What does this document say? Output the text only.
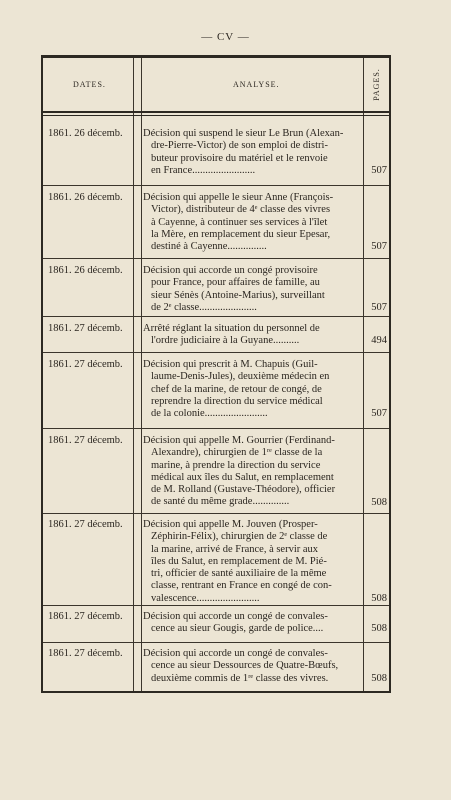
— CV —
DATES.	ANALYSE.	PAGES.
1861. 26 décemb. Décision qui suspend le sieur Le Brun (Alexan-
dre-Pierre-Victor) de son emploi de distri-
buteur provisoire du matériel et le renvoie
en France........................	507
1861. 26 décemb. Décision qui appelle le sieur Anne (François-
Victor), distributeur de 4ᵉ classe des vivres
à Cayenne, à continuer ses services à l'îlet
la Mère, en remplacement du sieur Epesar,
destiné à Cayenne...............	507
1861. 26 décemb. Décision qui accorde un congé provisoire
pour France, pour affaires de famille, au
sieur Sénès (Antoine-Marius), surveillant
de 2ᵉ classe......................	507
1861. 27 décemb. Arrêté réglant la situation du personnel de
l'ordre judiciaire à la Guyane..........	494
1861. 27 décemb. Décision qui prescrit à M. Chapuis (Guil-
laume-Denis-Jules), deuxième médecin en
chef de la marine, de retour de congé, de
reprendre la direction du service médical
de la colonie........................	507
1861. 27 décemb. Décision qui appelle M. Gourrier (Ferdinand-
Alexandre), chirurgien de 1ʳᵉ classe de la
marine, à prendre la direction du service
médical aux îles du Salut, en remplacement
de M. Rolland (Gustave-Théodore), officier
de santé du même grade..............	508
1861. 27 décemb. Décision qui appelle M. Jouven (Prosper-
Zéphirin-Félix), chirurgien de 2ᵉ classe de
la marine, arrivé de France, à servir aux
îles du Salut, en remplacement de M. Pié-
tri, officier de santé auxiliaire de la même
classe, rentrant en France en congé de con-
valescence........................	508
1861. 27 décemb. Décision qui accorde un congé de convales-
cence au sieur Gougis, garde de police....	508
1861. 27 décemb. Décision qui accorde un congé de convales-
cence au sieur Dessources de Quatre-Bœufs,
deuxième commis de 1ʳᵉ classe des vivres.	508
